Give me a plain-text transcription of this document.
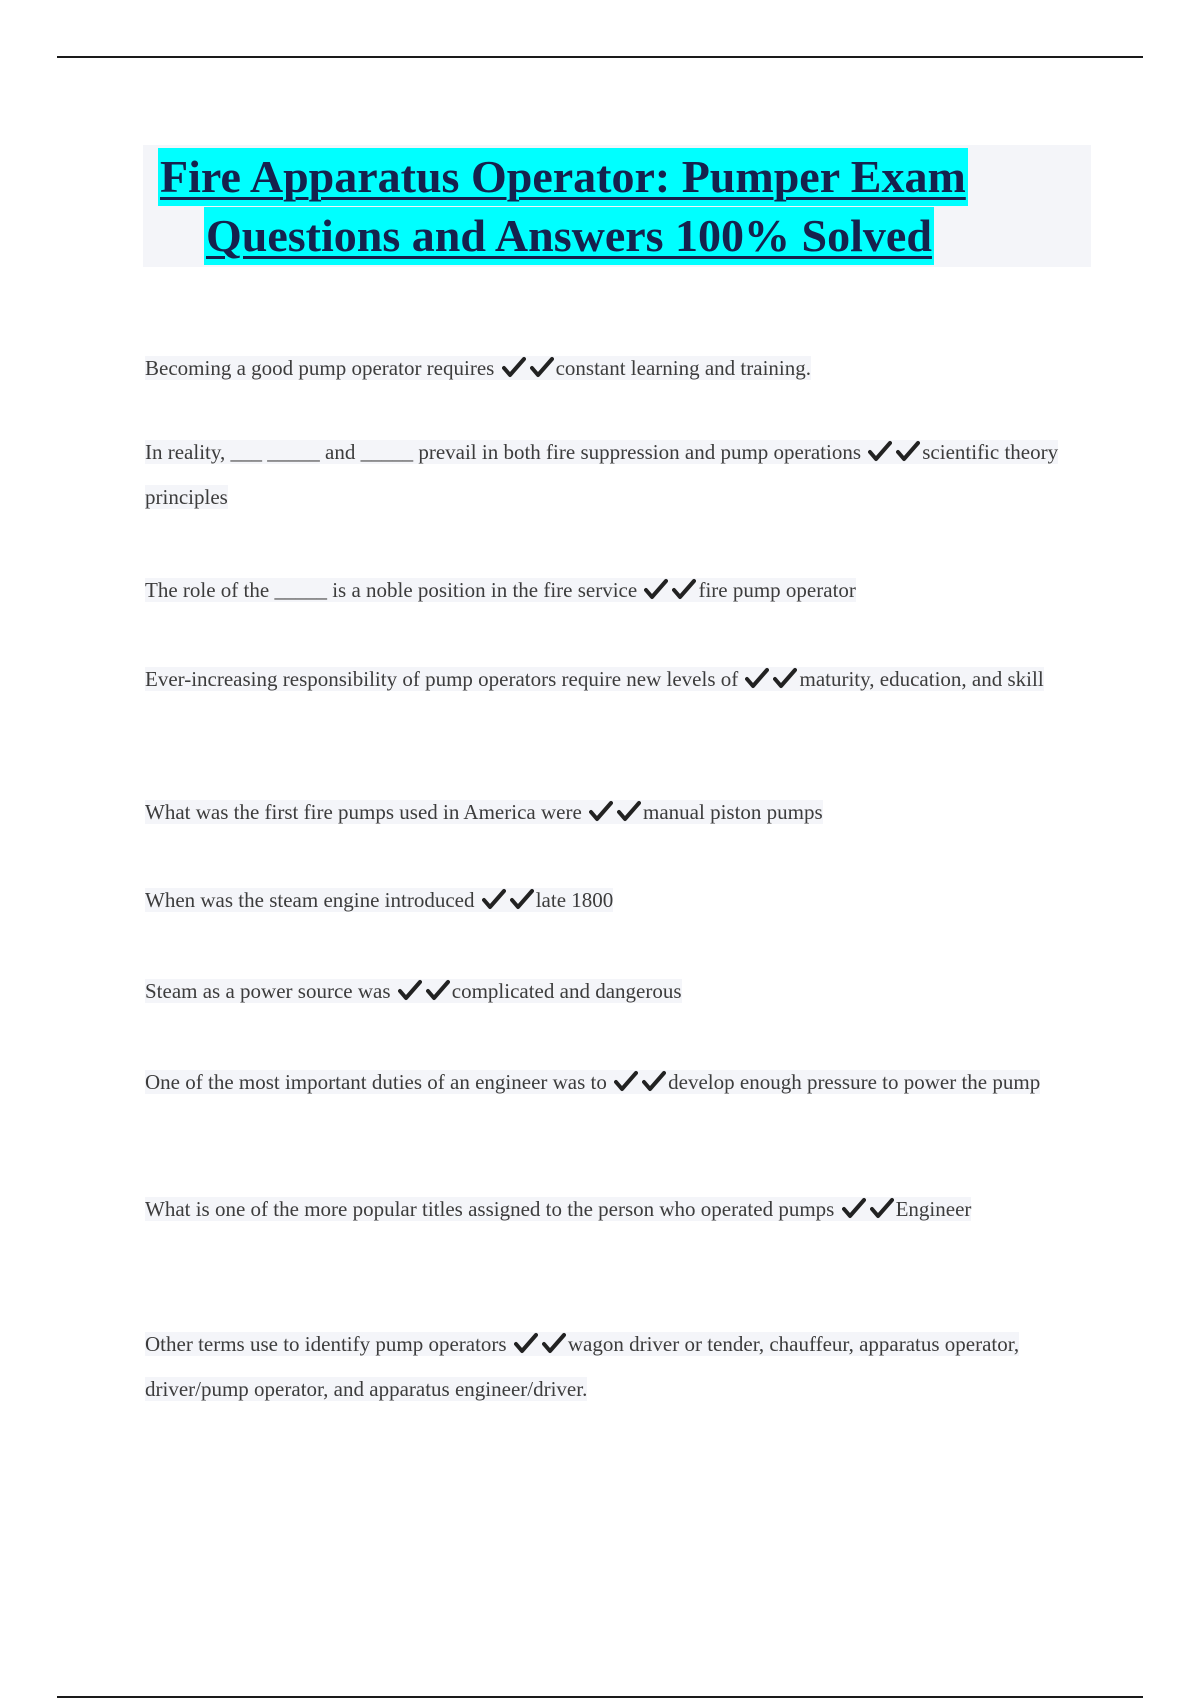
Fire Apparatus Operator: Pumper Exam
Questions and Answers 100% Solved
Becoming a good pump operator requires	constant learning and training.
In reality, ___ _____ and _____ prevail in both fire suppression and pump operations	scientific theory principles
The role of the _____ is a noble position in the fire service	fire pump operator
Ever-increasing responsibility of pump operators require new levels of	maturity, education, and skill
What was the first fire pumps used in America were	manual piston pumps
When was the steam engine introduced	late 1800
Steam as a power source was	complicated and dangerous
One of the most important duties of an engineer was to	develop enough pressure to power the pump
What is one of the more popular titles assigned to the person who operated pumps	Engineer
Other terms use to identify pump operators	wagon driver or tender, chauffeur, apparatus operator, driver/pump operator, and apparatus engineer/driver.
